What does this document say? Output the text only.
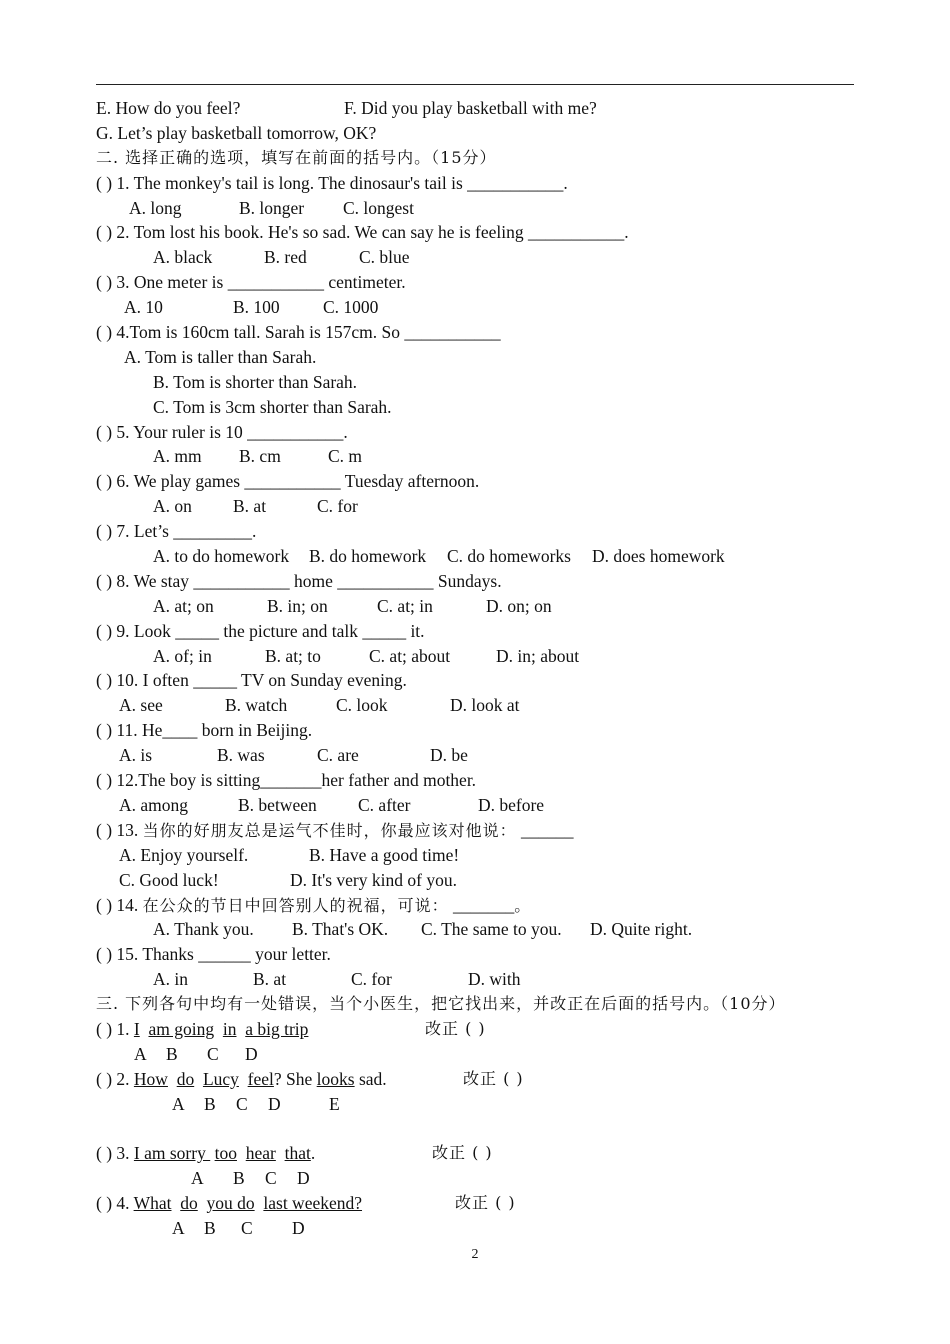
E. How do you feel?	F. Did you play basketball with me?
G. Let’s play basketball tomorrow, OK?
二. 选择正确的选项，填写在前面的括号内。（15分）
( ) 1. The monkey's tail is long. The dinosaur's tail is ___________.
A. long	B. longer C. longest
( ) 2. Tom lost his book. He's so sad. We can say he is feeling ___________.
A. black	B. red	C. blue
( ) 3. One meter is ___________ centimeter.
A. 10	B. 100 C. 1000
( ) 4.Tom is 160cm tall. Sarah is 157cm. So ___________
A. Tom is taller than Sarah.
B. Tom is shorter than Sarah.
C. Tom is 3cm shorter than Sarah.
( ) 5. Your ruler is 10 ___________.
A. mm B. cm	C. m
( ) 6. We play games ___________ Tuesday afternoon.
A. on B. at	C. for
( ) 7. Let’s _________.
A. to do homework B. do homework C. do homeworks D. does homework
( ) 8. We stay ___________ home ___________ Sundays.
A. at; on	B. in; on	C. at; in	D. on; on
( ) 9. Look _____ the picture and talk _____ it.
A. of; in	B. at; to	C. at; about	D. in; about
( ) 10. I often _____ TV on Sunday evening.
A. see	B. watch	C. look	D. look at
( ) 11. He____ born in Beijing.
A. is	B. was	C. are	D. be
( ) 12.The boy is sitting_______her father and mother.
A. among	B. between C. after	D. before
( ) 13. 当你的好朋友总是运气不佳时，你最应该对他说： ______
A. Enjoy yourself.	B. Have a good time!
C. Good luck!	D. It's very kind of you.
( ) 14. 在公众的节日中回答别人的祝福，可说： _______。
A. Thank you. B. That's OK. C. The same to you. D. Quite right.
( ) 15. Thanks ______ your letter.
A. in	B. at	C. for	D. with
三. 下列各句中均有一处错误，当个小医生，把它找出来，并改正在后面的括号内。（10分）
( ) 1. I am going in a big trip	改正 ( )
A B C D
( ) 2. How do Lucy feel? She looks sad.	改正 ( )
A B C D	E
( ) 3. I am sorry  too hear that.	改正 ( )
A B C D
( ) 4. What do you do last weekend?	改正 ( )
A B C D
2
